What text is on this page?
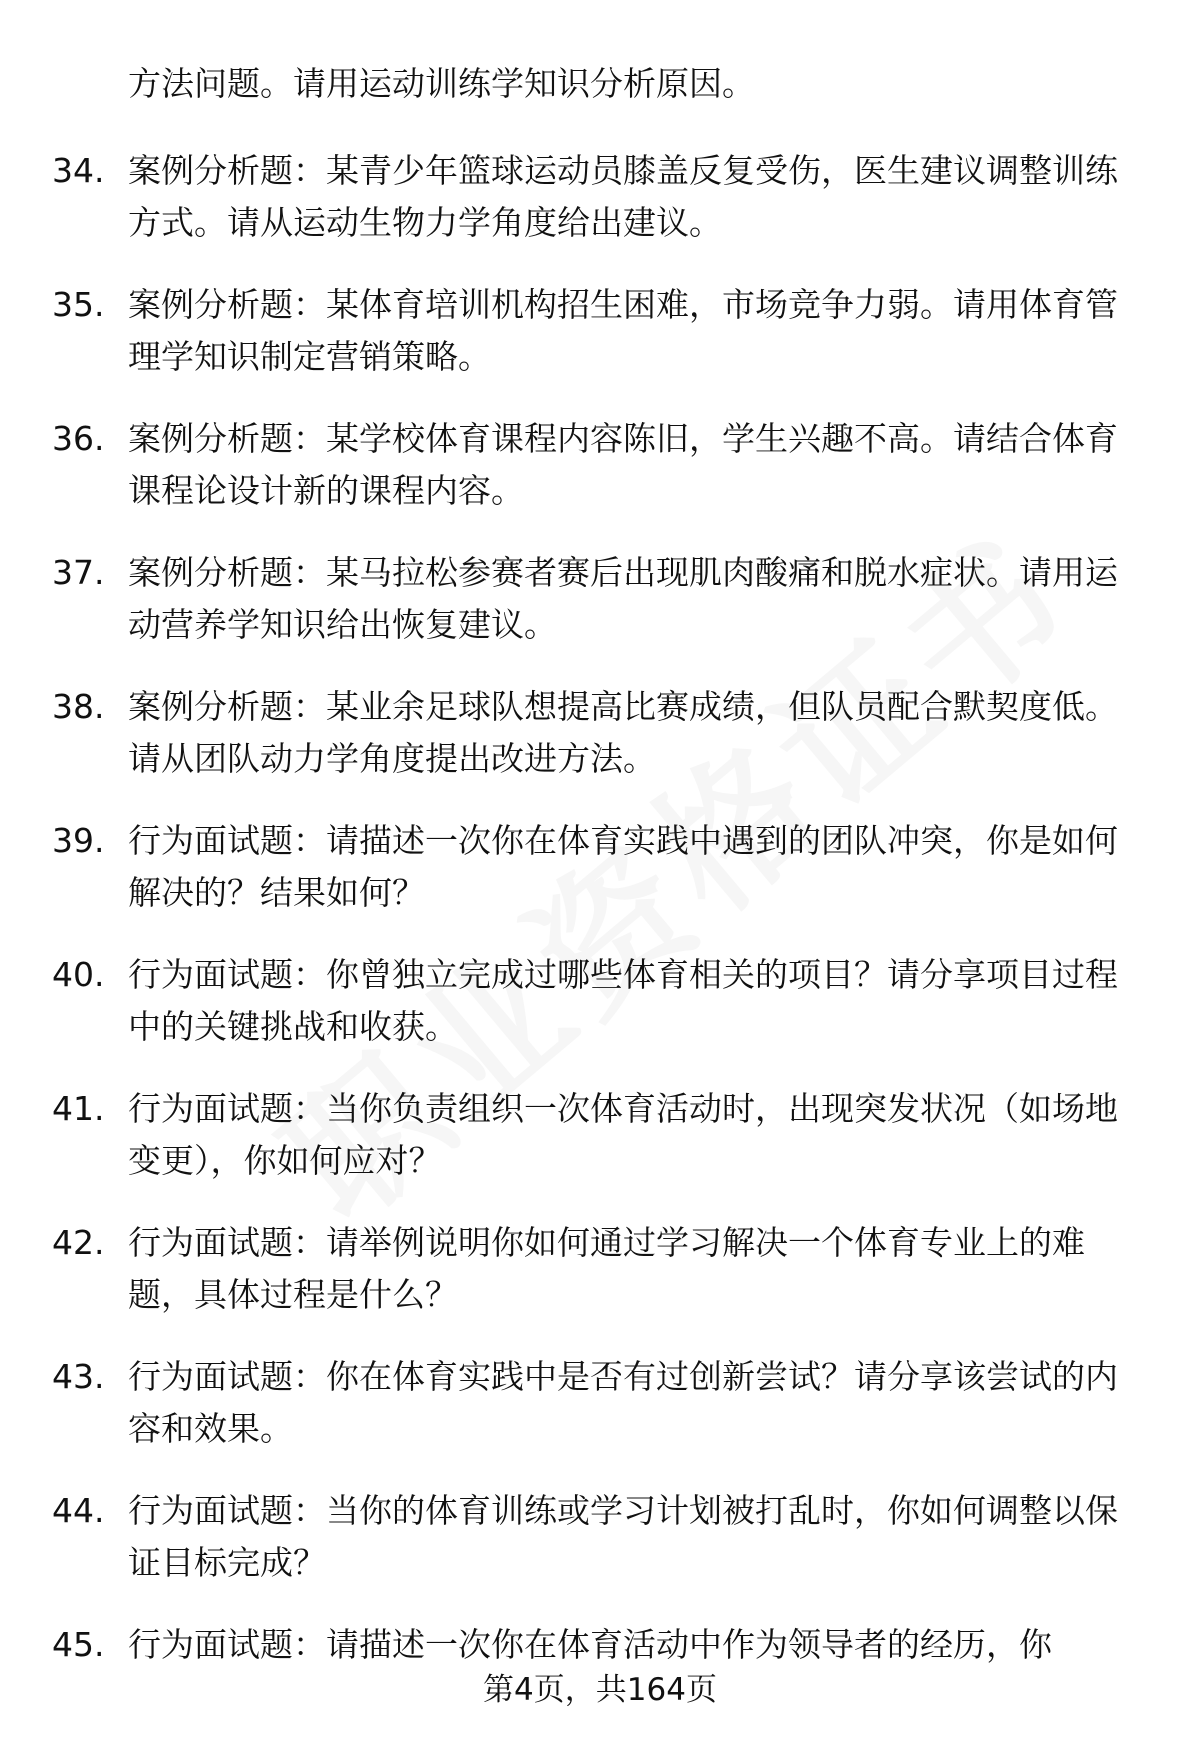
方法问题。请用运动训练学知识分析原因。
34. 案例分析题：某青少年篮球运动员膝盖反复受伤，医生建议调整训练方式。请从运动生物力学角度给出建议。
35. 案例分析题：某体育培训机构招生困难，市场竞争力弱。请用体育管理学知识制定营销策略。
36. 案例分析题：某学校体育课程内容陈旧，学生兴趣不高。请结合体育课程论设计新的课程内容。
37. 案例分析题：某马拉松参赛者赛后出现肌肉酸痛和脱水症状。请用运动营养学知识给出恢复建议。
38. 案例分析题：某业余足球队想提高比赛成绩，但队员配合默契度低。请从团队动力学角度提出改进方法。
39. 行为面试题：请描述一次你在体育实践中遇到的团队冲突，你是如何解决的？结果如何？
40. 行为面试题：你曾独立完成过哪些体育相关的项目？请分享项目过程中的关键挑战和收获。
41. 行为面试题：当你负责组织一次体育活动时，出现突发状况（如场地变更），你如何应对？
42. 行为面试题：请举例说明你如何通过学习解决一个体育专业上的难题，具体过程是什么？
43. 行为面试题：你在体育实践中是否有过创新尝试？请分享该尝试的内容和效果。
44. 行为面试题：当你的体育训练或学习计划被打乱时，你如何调整以保证目标完成？
45. 行为面试题：请描述一次你在体育活动中作为领导者的经历，你
第4页，共164页
